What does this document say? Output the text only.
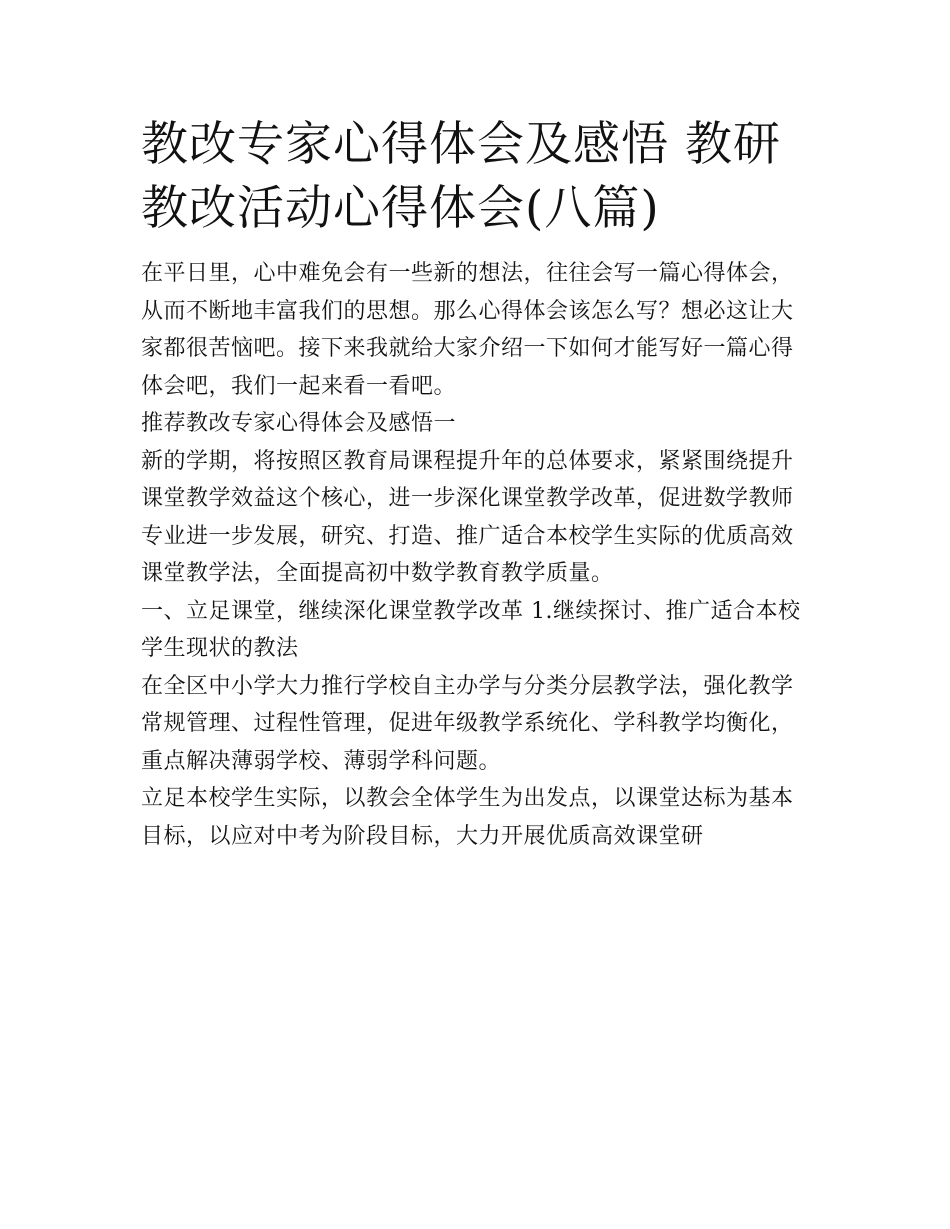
教改专家心得体会及感悟 教研教改活动心得体会(八篇)

在平日里，心中难免会有一些新的想法，往往会写一篇心得体会，从而不断地丰富我们的思想。那么心得体会该怎么写？想必这让大家都很苦恼吧。接下来我就给大家介绍一下如何才能写好一篇心得体会吧，我们一起来看一看吧。

推荐教改专家心得体会及感悟一

新的学期，将按照区教育局课程提升年的总体要求，紧紧围绕提升课堂教学效益这个核心，进一步深化课堂教学改革，促进数学教师专业进一步发展，研究、打造、推广适合本校学生实际的优质高效课堂教学法，全面提高初中数学教育教学质量。

一、立足课堂，继续深化课堂教学改革 1.继续探讨、推广适合本校学生现状的教法

在全区中小学大力推行学校自主办学与分类分层教学法，强化教学常规管理、过程性管理，促进年级教学系统化、学科教学均衡化，重点解决薄弱学校、薄弱学科问题。

立足本校学生实际，以教会全体学生为出发点，以课堂达标为基本目标，以应对中考为阶段目标，大力开展优质高效课堂研
